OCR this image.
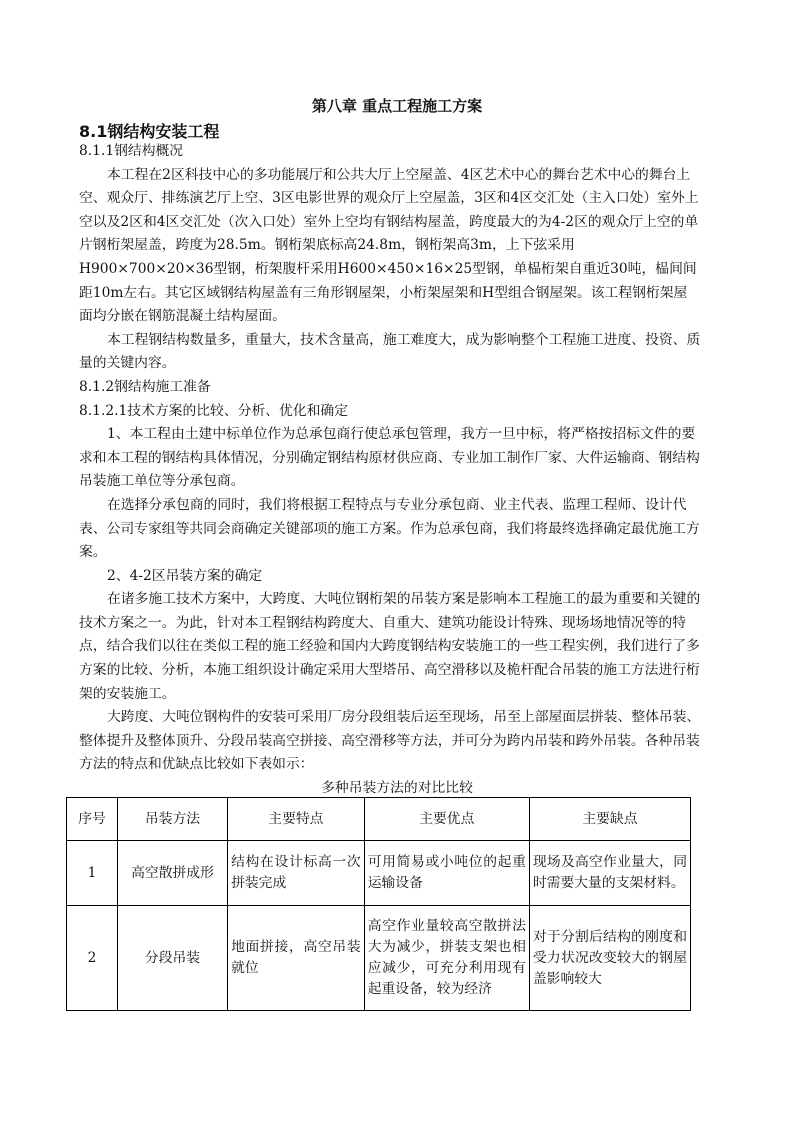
第八章 重点工程施工方案
8.1钢结构安装工程

8.1.1钢结构概况

本工程在2区科技中心的多功能展厅和公共大厅上空屋盖、4区艺术中心的舞台艺术中心的舞台上空、观众厅、排练演艺厅上空、3区电影世界的观众厅上空屋盖，3区和4区交汇处（主入口处）室外上空以及2区和4区交汇处（次入口处）室外上空均有钢结构屋盖，跨度最大的为4-2区的观众厅上空的单片钢桁架屋盖，跨度为28.5m。钢桁架底标高24.8m，钢桁架高3m，上下弦采用H900×700×20×36型钢，桁架腹杆采用H600×450×16×25型钢，单榀桁架自重近30吨，榀间间距10m左右。其它区域钢结构屋盖有三角形钢屋架，小桁架屋架和H型组合钢屋架。该工程钢桁架屋面均分嵌在钢筋混凝土结构屋面。

本工程钢结构数量多，重量大，技术含量高，施工难度大，成为影响整个工程施工进度、投资、质量的关键内容。

8.1.2钢结构施工准备

8.1.2.1技术方案的比较、分析、优化和确定

1、本工程由土建中标单位作为总承包商行使总承包管理，我方一旦中标，将严格按招标文件的要求和本工程的钢结构具体情况，分别确定钢结构原材供应商、专业加工制作厂家、大件运输商、钢结构吊装施工单位等分承包商。

在选择分承包商的同时，我们将根据工程特点与专业分承包商、业主代表、监理工程师、设计代表、公司专家组等共同会商确定关键部项的施工方案。作为总承包商，我们将最终选择确定最优施工方案。

2、4-2区吊装方案的确定

在诸多施工技术方案中，大跨度、大吨位钢桁架的吊装方案是影响本工程施工的最为重要和关键的技术方案之一。为此，针对本工程钢结构跨度大、自重大、建筑功能设计特殊、现场场地情况等的特点，结合我们以往在类似工程的施工经验和国内大跨度钢结构安装施工的一些工程实例，我们进行了多方案的比较、分析，本施工组织设计确定采用大型塔吊、高空滑移以及桅杆配合吊装的施工方法进行桁架的安装施工。

大跨度、大吨位钢构件的安装可采用厂房分段组装后运至现场，吊至上部屋面层拼装、整体吊装、整体提升及整体顶升、分段吊装高空拼接、高空滑移等方法，并可分为跨内吊装和跨外吊装。各种吊装方法的特点和优缺点比较如下表如示：

多种吊装方法的对比比较
序号	吊装方法	主要特点	主要优点	主要缺点
1	高空散拼成形	结构在设计标高一次拼装完成	可用简易或小吨位的起重运输设备	现场及高空作业量大，同时需要大量的支架材料。
2	分段吊装	地面拼接，高空吊装就位	高空作业量较高空散拼法大为减少，拼装支架也相应减少，可充分利用现有起重设备，较为经济	对于分割后结构的刚度和受力状况改变较大的钢屋盖影响较大
